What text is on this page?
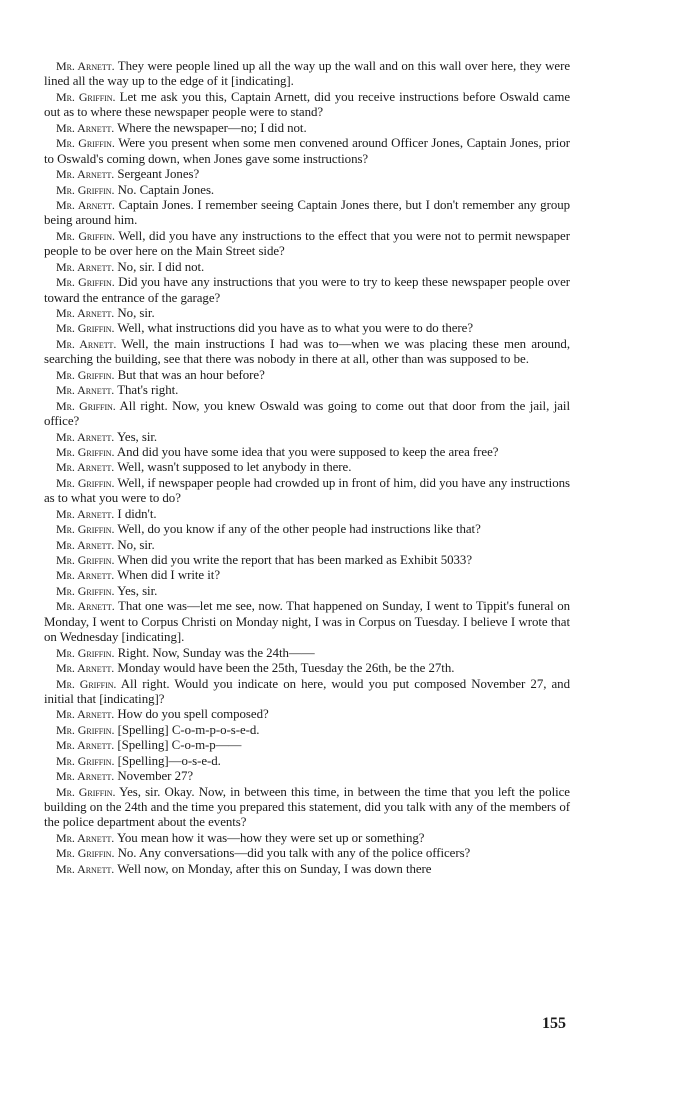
Mr. Arnett. They were people lined up all the way up the wall and on this wall over here, they were lined all the way up to the edge of it [indicating].

Mr. Griffin. Let me ask you this, Captain Arnett, did you receive instructions before Oswald came out as to where these newspaper people were to stand?

Mr. Arnett. Where the newspaper—no; I did not.

Mr. Griffin. Were you present when some men convened around Officer Jones, Captain Jones, prior to Oswald's coming down, when Jones gave some instructions?

Mr. Arnett. Sergeant Jones?

Mr. Griffin. No. Captain Jones.

Mr. Arnett. Captain Jones. I remember seeing Captain Jones there, but I don't remember any group being around him.

Mr. Griffin. Well, did you have any instructions to the effect that you were not to permit newspaper people to be over here on the Main Street side?

Mr. Arnett. No, sir. I did not.

Mr. Griffin. Did you have any instructions that you were to try to keep these newspaper people over toward the entrance of the garage?

Mr. Arnett. No, sir.

Mr. Griffin. Well, what instructions did you have as to what you were to do there?

Mr. Arnett. Well, the main instructions I had was to—when we was placing these men around, searching the building, see that there was nobody in there at all, other than was supposed to be.

Mr. Griffin. But that was an hour before?

Mr. Arnett. That's right.

Mr. Griffin. All right. Now, you knew Oswald was going to come out that door from the jail, jail office?

Mr. Arnett. Yes, sir.

Mr. Griffin. And did you have some idea that you were supposed to keep the area free?

Mr. Arnett. Well, wasn't supposed to let anybody in there.

Mr. Griffin. Well, if newspaper people had crowded up in front of him, did you have any instructions as to what you were to do?

Mr. Arnett. I didn't.

Mr. Griffin. Well, do you know if any of the other people had instructions like that?

Mr. Arnett. No, sir.

Mr. Griffin. When did you write the report that has been marked as Exhibit 5033?

Mr. Arnett. When did I write it?

Mr. Griffin. Yes, sir.

Mr. Arnett. That one was—let me see, now. That happened on Sunday, I went to Tippit's funeral on Monday, I went to Corpus Christi on Monday night, I was in Corpus on Tuesday. I believe I wrote that on Wednesday [indicating].

Mr. Griffin. Right. Now, Sunday was the 24th——

Mr. Arnett. Monday would have been the 25th, Tuesday the 26th, be the 27th.

Mr. Griffin. All right. Would you indicate on here, would you put composed November 27, and initial that [indicating]?

Mr. Arnett. How do you spell composed?

Mr. Griffin. [Spelling] C-o-m-p-o-s-e-d.

Mr. Arnett. [Spelling] C-o-m-p——

Mr. Griffin. [Spelling]—o-s-e-d.

Mr. Arnett. November 27?

Mr. Griffin. Yes, sir. Okay. Now, in between this time, in between the time that you left the police building on the 24th and the time you prepared this statement, did you talk with any of the members of the police department about the events?

Mr. Arnett. You mean how it was—how they were set up or something?

Mr. Griffin. No. Any conversations—did you talk with any of the police officers?

Mr. Arnett. Well now, on Monday, after this on Sunday, I was down there

155
